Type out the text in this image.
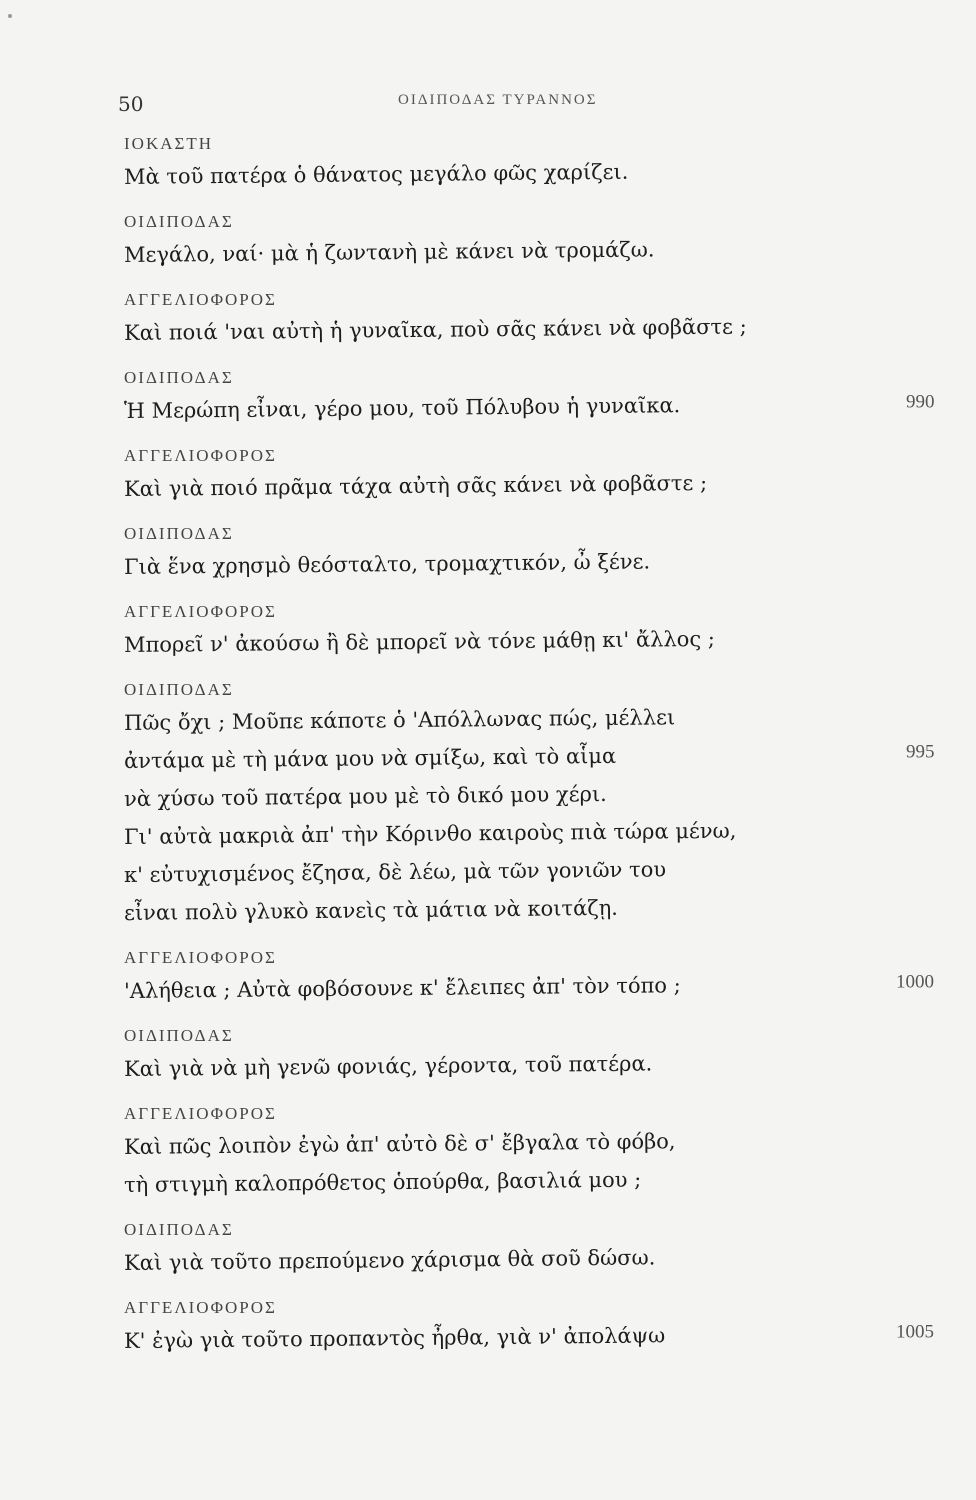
50	ΟΙΔΙΠΟΔΑΣ ΤΥΡΑΝΝΟΣ
ΙΟΚΑΣΤΗ
Μὰ τοῦ πατέρα ὁ θάνατος μεγάλο φῶς χαρίζει.
ΟΙΔΙΠΟΔΑΣ
Μεγάλο, ναί· μὰ ἡ ζωντανὴ μὲ κάνει νὰ τρομάζω.
ΑΓΓΕΛΙΟΦΟΡΟΣ
Καὶ ποιά 'ναι αὐτὴ ἡ γυναῖκα, ποὺ σᾶς κάνει νὰ φοβᾶστε ;
ΟΙΔΙΠΟΔΑΣ
Ἡ Μερώπη εἶναι, γέρο μου, τοῦ Πόλυβου ἡ γυναῖκα.	990
ΑΓΓΕΛΙΟΦΟΡΟΣ
Καὶ γιὰ ποιό πρᾶμα τάχα αὐτὴ σᾶς κάνει νὰ φοβᾶστε ;
ΟΙΔΙΠΟΔΑΣ
Γιὰ ἕνα χρησμὸ θεόσταλτο, τρομαχτικόν, ὦ ξένε.
ΑΓΓΕΛΙΟΦΟΡΟΣ
Μπορεῖ ν' ἀκούσω ἢ δὲ μπορεῖ νὰ τόνε μάθῃ κι' ἄλλος ;
ΟΙΔΙΠΟΔΑΣ
Πῶς ὄχι ; Μοῦπε κάποτε ὁ 'Απόλλωνας πώς, μέλλει
ἀντάμα μὲ τὴ μάνα μου νὰ σμίξω, καὶ τὸ αἷμα	995
νὰ χύσω τοῦ πατέρα μου μὲ τὸ δικό μου χέρι.
Γι' αὐτὰ μακριὰ ἀπ' τὴν Κόρινθο καιροὺς πιὰ τώρα μένω,
κ' εὐτυχισμένος ἔζησα, δὲ λέω, μὰ τῶν γονιῶν του
εἶναι πολὺ γλυκὸ κανεὶς τὰ μάτια νὰ κοιτάζῃ.
ΑΓΓΕΛΙΟΦΟΡΟΣ
'Αλήθεια ; Αὐτὰ φοβόσουνε κ' ἔλειπες ἀπ' τὸν τόπο ;	1000
ΟΙΔΙΠΟΔΑΣ
Καὶ γιὰ νὰ μὴ γενῶ φονιάς, γέροντα, τοῦ πατέρα.
ΑΓΓΕΛΙΟΦΟΡΟΣ
Καὶ πῶς λοιπὸν ἐγὼ ἀπ' αὐτὸ δὲ σ' ἔβγαλα τὸ φόβο,
τὴ στιγμὴ καλοπρόθετος ὁπούρθα, βασιλιά μου ;
ΟΙΔΙΠΟΔΑΣ
Καὶ γιὰ τοῦτο πρεπούμενο χάρισμα θὰ σοῦ δώσω.
ΑΓΓΕΛΙΟΦΟΡΟΣ
Κ' ἐγὼ γιὰ τοῦτο προπαντὸς ἦρθα, γιὰ ν' ἀπολάψω	1005
